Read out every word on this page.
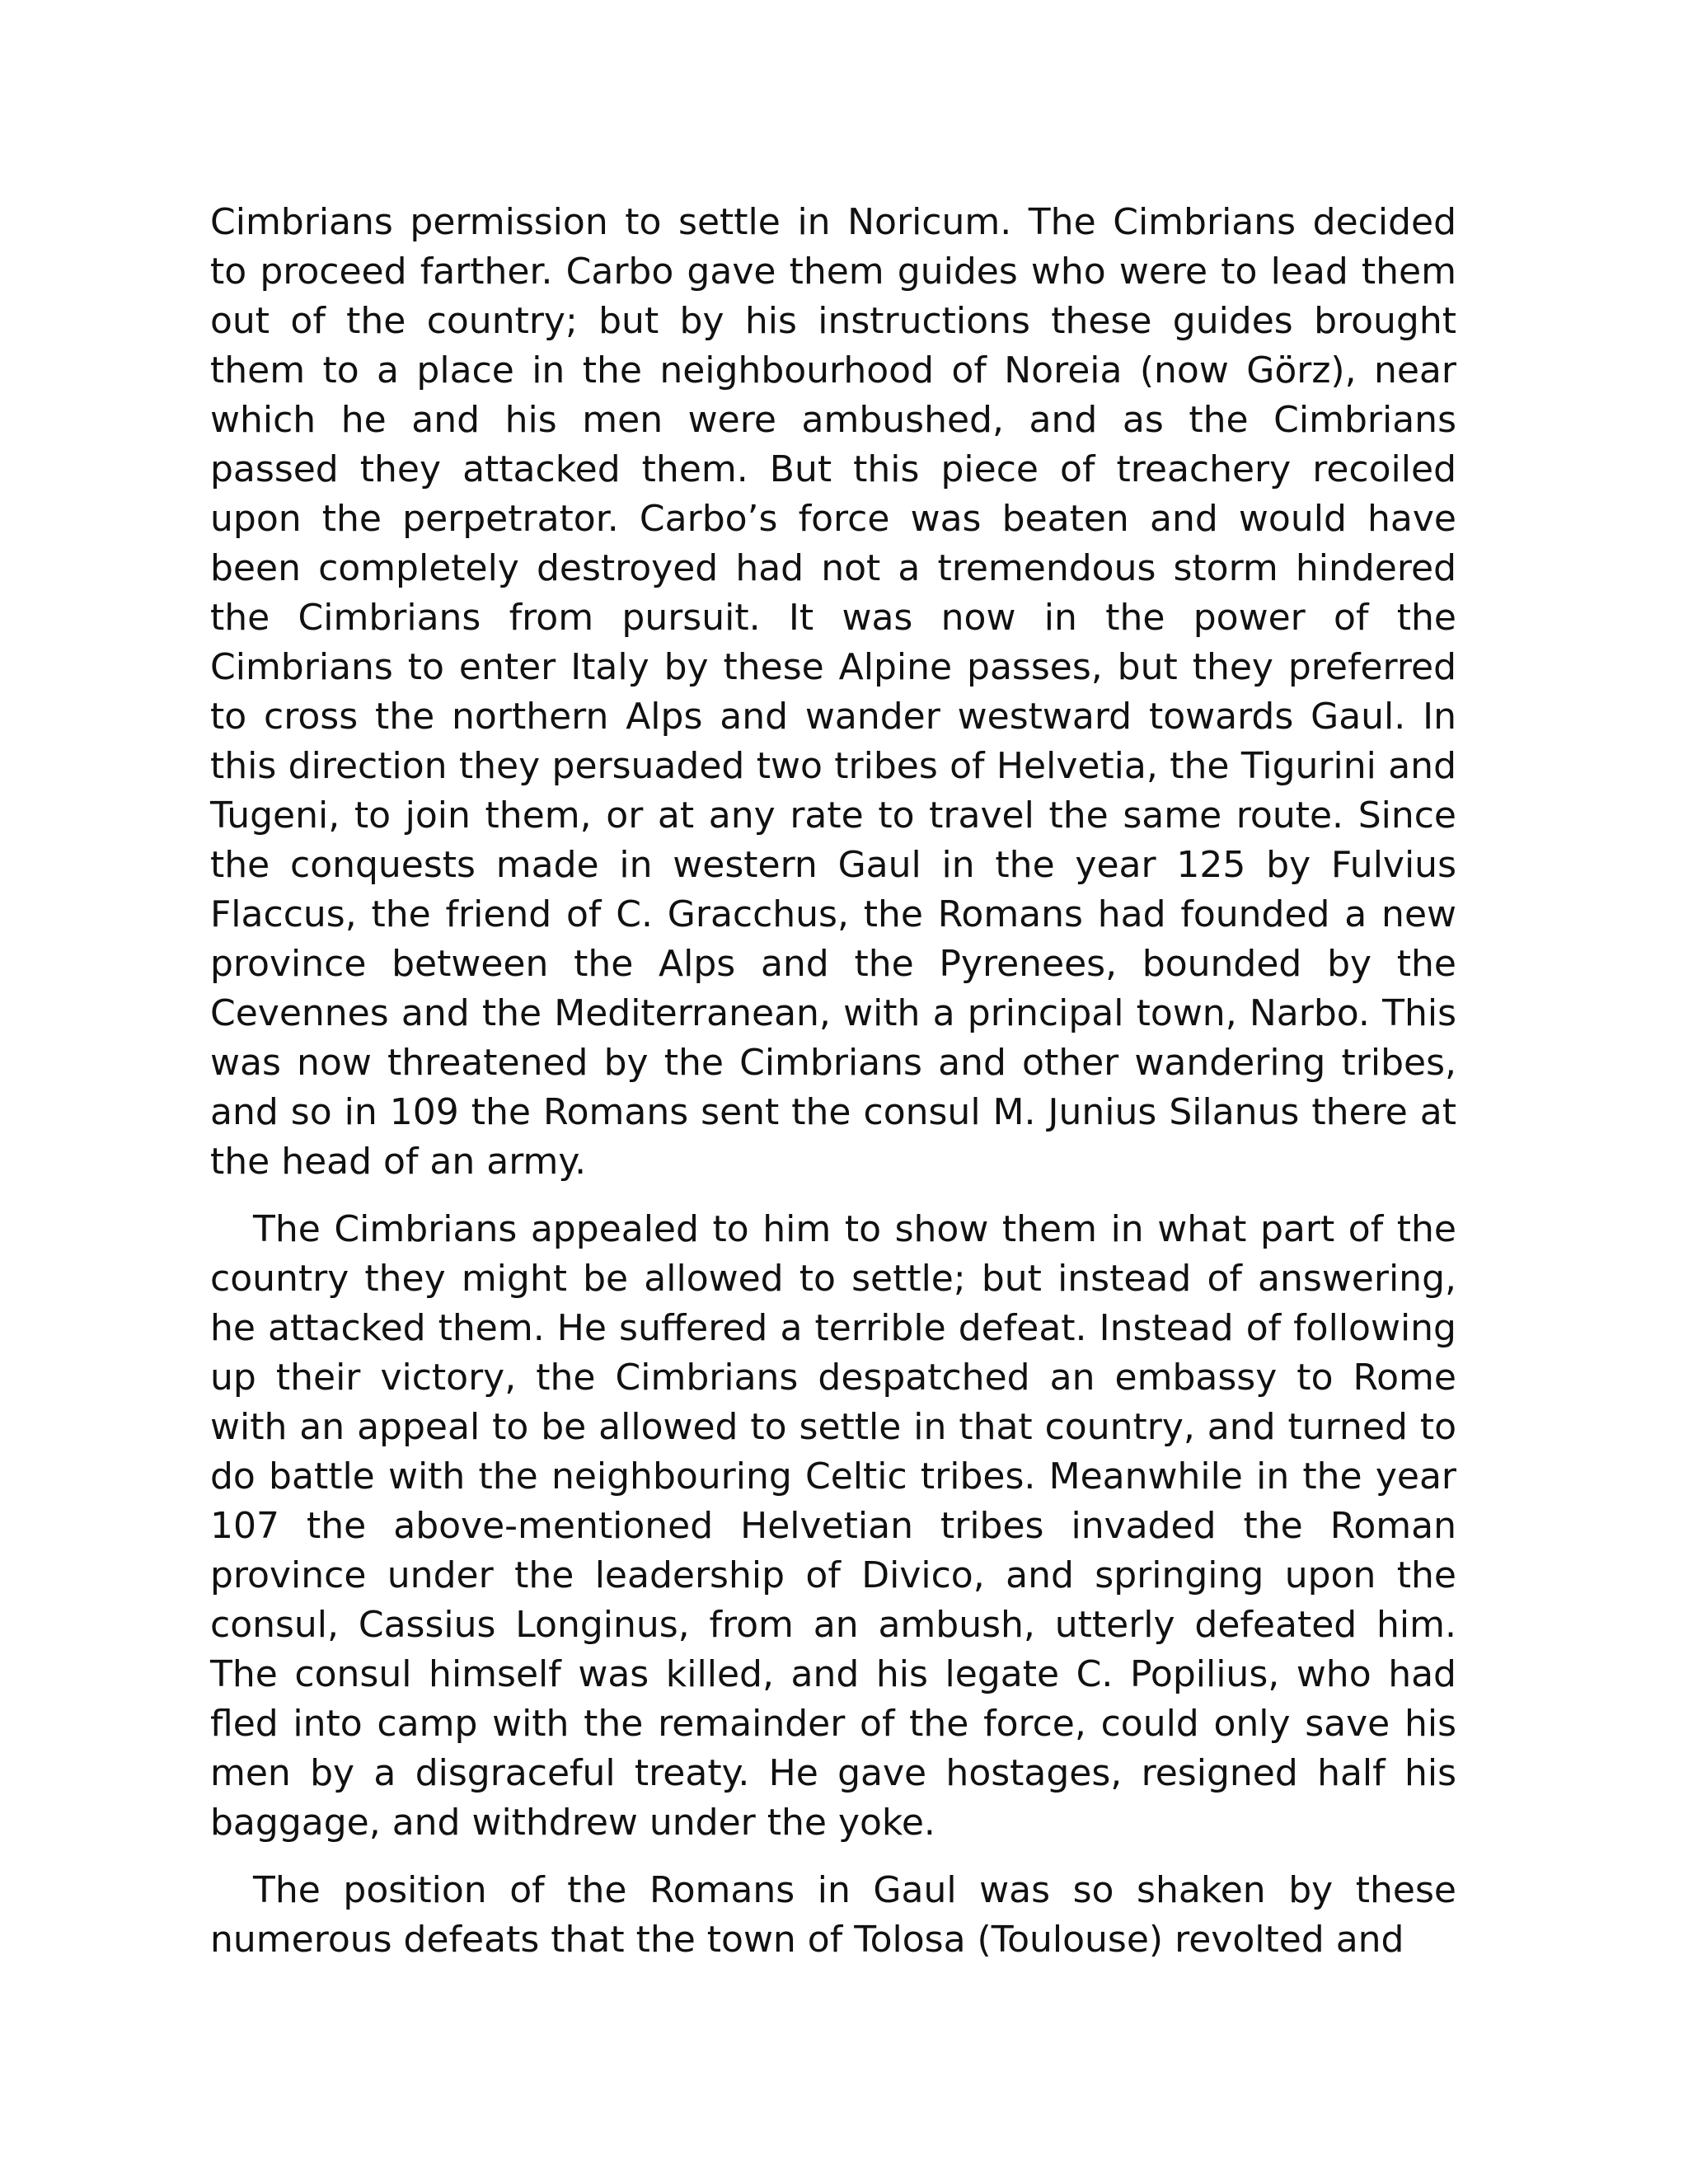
Cimbrians permission to settle in Noricum. The Cimbrians decided to proceed farther. Carbo gave them guides who were to lead them out of the country; but by his instructions these guides brought them to a place in the neighbourhood of Noreia (now Görz), near which he and his men were ambushed, and as the Cimbrians passed they attacked them. But this piece of treachery recoiled upon the perpetrator. Carbo’s force was beaten and would have been completely destroyed had not a tremendous storm hindered the Cimbrians from pursuit. It was now in the power of the Cimbrians to enter Italy by these Alpine passes, but they preferred to cross the northern Alps and wander westward towards Gaul. In this direction they persuaded two tribes of Helvetia, the Tigurini and Tugeni, to join them, or at any rate to travel the same route. Since the conquests made in western Gaul in the year 125 by Fulvius Flaccus, the friend of C. Gracchus, the Romans had founded a new province between the Alps and the Pyrenees, bounded by the Cevennes and the Mediterranean, with a principal town, Narbo. This was now threatened by the Cimbrians and other wandering tribes, and so in 109 the Romans sent the consul M. Junius Silanus there at the head of an army.

The Cimbrians appealed to him to show them in what part of the country they might be allowed to settle; but instead of answering, he attacked them. He suffered a terrible defeat. Instead of following up their victory, the Cimbrians despatched an embassy to Rome with an appeal to be allowed to settle in that country, and turned to do battle with the neighbouring Celtic tribes. Meanwhile in the year 107 the above-mentioned Helvetian tribes invaded the Roman province under the leadership of Divico, and springing upon the consul, Cassius Longinus, from an ambush, utterly defeated him. The consul himself was killed, and his legate C. Popilius, who had fled into camp with the remainder of the force, could only save his men by a disgraceful treaty. He gave hostages, resigned half his baggage, and withdrew under the yoke.

The position of the Romans in Gaul was so shaken by these numerous defeats that the town of Tolosa (Toulouse) revolted and
